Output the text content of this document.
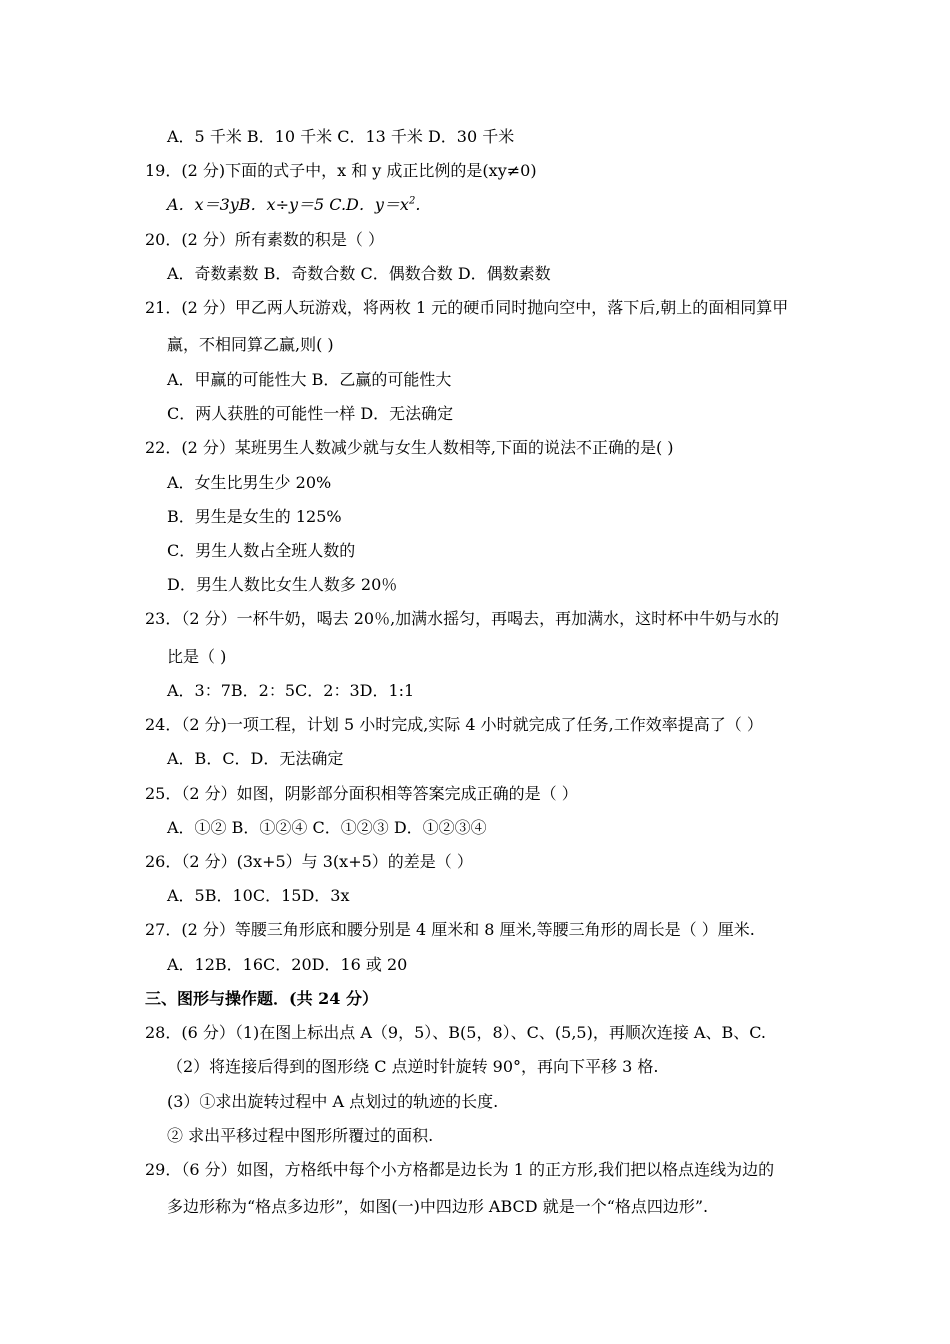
A．5 千米 B．10 千米 C．13 千米 D．30 千米
19．(2 分)下面的式子中，x 和 y 成正比例的是(xy≠0)
A．x＝3yB．x÷y＝5 C.D．$y=x^2$.
20．(2 分）所有素数的积是（ ）
A．奇数素数 B．奇数合数 C．偶数合数 D．偶数素数
21．(2 分）甲乙两人玩游戏，将两枚 1 元的硬币同时抛向空中，落下后,朝上的面相同算甲
赢，不相同算乙赢,则( )
A．甲赢的可能性大 B．乙赢的可能性大
C．两人获胜的可能性一样 D．无法确定
22．(2 分）某班男生人数减少就与女生人数相等,下面的说法不正确的是( )
A．女生比男生少 20%
B．男生是女生的 125%
C．男生人数占全班人数的
D．男生人数比女生人数多 20％
23．（2 分）一杯牛奶，喝去 20％,加满水摇匀，再喝去，再加满水，这时杯中牛奶与水的
比是（ )
A．3：7B．2：5C．2：3D．1:1
24．（2 分)一项工程，计划 5 小时完成,实际 4 小时就完成了任务,工作效率提高了（ ）
A．B．C．D．无法确定
25．（2 分）如图，阴影部分面积相等答案完成正确的是（ ）
A．①② B．①②④ C．①②③ D．①②③④
26．（2 分）(3x+5）与 3(x+5）的差是（ ）
A．5B．10C．15D．3x
27．(2 分）等腰三角形底和腰分别是 4 厘米和 8 厘米,等腰三角形的周长是（ ）厘米.
A．12B．16C．20D．16 或 20
三、图形与操作题．(共 24 分）
28．(6 分）（1)在图上标出点 A（9，5）、B(5，8）、C、(5,5)，再顺次连接 A、B、C.
（2）将连接后得到的图形绕 C 点逆时针旋转 90°，再向下平移 3 格.
(3）①求出旋转过程中 A 点划过的轨迹的长度.
② 求出平移过程中图形所覆过的面积.
29．（6 分）如图，方格纸中每个小方格都是边长为 1 的正方形,我们把以格点连线为边的
多边形称为“格点多边形”，如图(一)中四边形 ABCD 就是一个“格点四边形”.
